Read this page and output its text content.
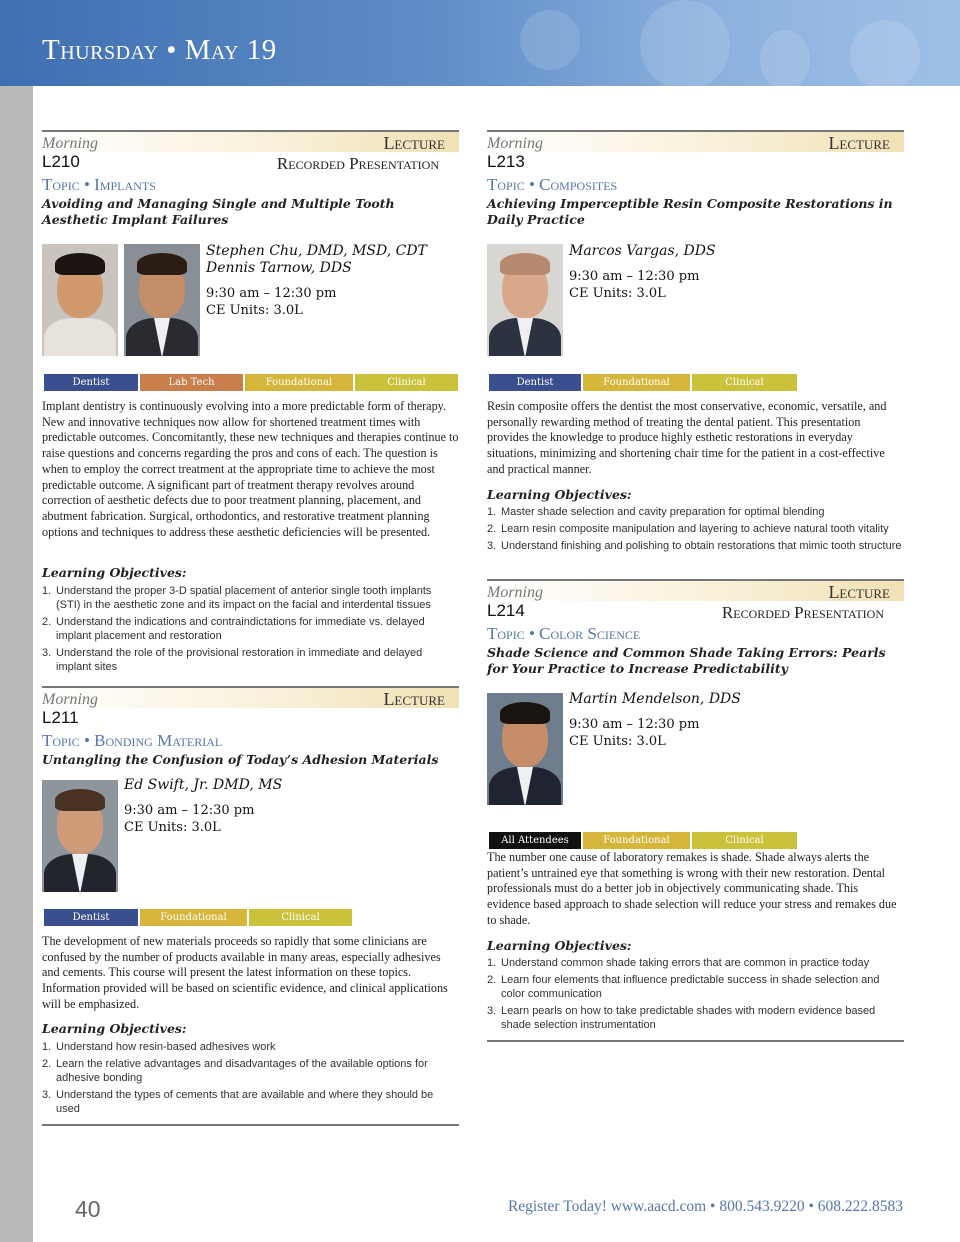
Thursday • May 19
Morning	Lecture
L210	Recorded Presentation
Topic • Implants
Avoiding and Managing Single and Multiple Tooth Aesthetic Implant Failures
Stephen Chu, DMD, MSD, CDT
Dennis Tarnow, DDS
9:30 am – 12:30 pm
CE Units: 3.0L
Dentist	Lab Tech	Foundational	Clinical
Implant dentistry is continuously evolving into a more predictable form of therapy. New and innovative techniques now allow for shortened treatment times with predictable outcomes. Concomitantly, these new techniques and therapies continue to raise questions and concerns regarding the pros and cons of each. The question is when to employ the correct treatment at the appropriate time to achieve the most predictable outcome. A significant part of treatment therapy revolves around correction of aesthetic defects due to poor treatment planning, placement, and abutment fabrication. Surgical, orthodontics, and restorative treatment planning options and techniques to address these aesthetic deficiencies will be presented.
Learning Objectives:
1. Understand the proper 3-D spatial placement of anterior single tooth implants (STI) in the aesthetic zone and its impact on the facial and interdental tissues
2. Understand the indications and contraindictations for immediate vs. delayed implant placement and restoration
3. Understand the role of the provisional restoration in immediate and delayed implant sites
Morning	Lecture
L211
Topic • Bonding Material
Untangling the Confusion of Today’s Adhesion Materials
Ed Swift, Jr. DMD, MS
9:30 am – 12:30 pm
CE Units: 3.0L
Dentist	Foundational	Clinical
The development of new materials proceeds so rapidly that some clinicians are confused by the number of products available in many areas, especially adhesives and cements. This course will present the latest information on these topics. Information provided will be based on scientific evidence, and clinical applications will be emphasized.
Learning Objectives:
1. Understand how resin-based adhesives work
2. Learn the relative advantages and disadvantages of the available options for adhesive bonding
3. Understand the types of cements that are available and where they should be used
Morning	Lecture
L213
Topic • Composites
Achieving Imperceptible Resin Composite Restorations in Daily Practice
Marcos Vargas, DDS
9:30 am – 12:30 pm
CE Units: 3.0L
Dentist	Foundational	Clinical
Resin composite offers the dentist the most conservative, economic, versatile, and personally rewarding method of treating the dental patient. This presentation provides the knowledge to produce highly esthetic restorations in everyday situations, minimizing and shortening chair time for the patient in a cost-effective and practical manner.
Learning Objectives:
1. Master shade selection and cavity preparation for optimal blending
2. Learn resin composite manipulation and layering to achieve natural tooth vitality
3. Understand finishing and polishing to obtain restorations that mimic tooth structure
Morning	Lecture
L214	Recorded Presentation
Topic • Color Science
Shade Science and Common Shade Taking Errors: Pearls for Your Practice to Increase Predictability
Martin Mendelson, DDS
9:30 am – 12:30 pm
CE Units: 3.0L
All Attendees	Foundational	Clinical
The number one cause of laboratory remakes is shade. Shade always alerts the patient’s untrained eye that something is wrong with their new restoration. Dental professionals must do a better job in objectively communicating shade. This evidence based approach to shade selection will reduce your stress and remakes due to shade.
Learning Objectives:
1. Understand common shade taking errors that are common in practice today
2. Learn four elements that influence predictable success in shade selection and color communication
3. Learn pearls on how to take predictable shades with modern evidence based shade selection instrumentation
40	Register Today! www.aacd.com • 800.543.9220 • 608.222.8583
